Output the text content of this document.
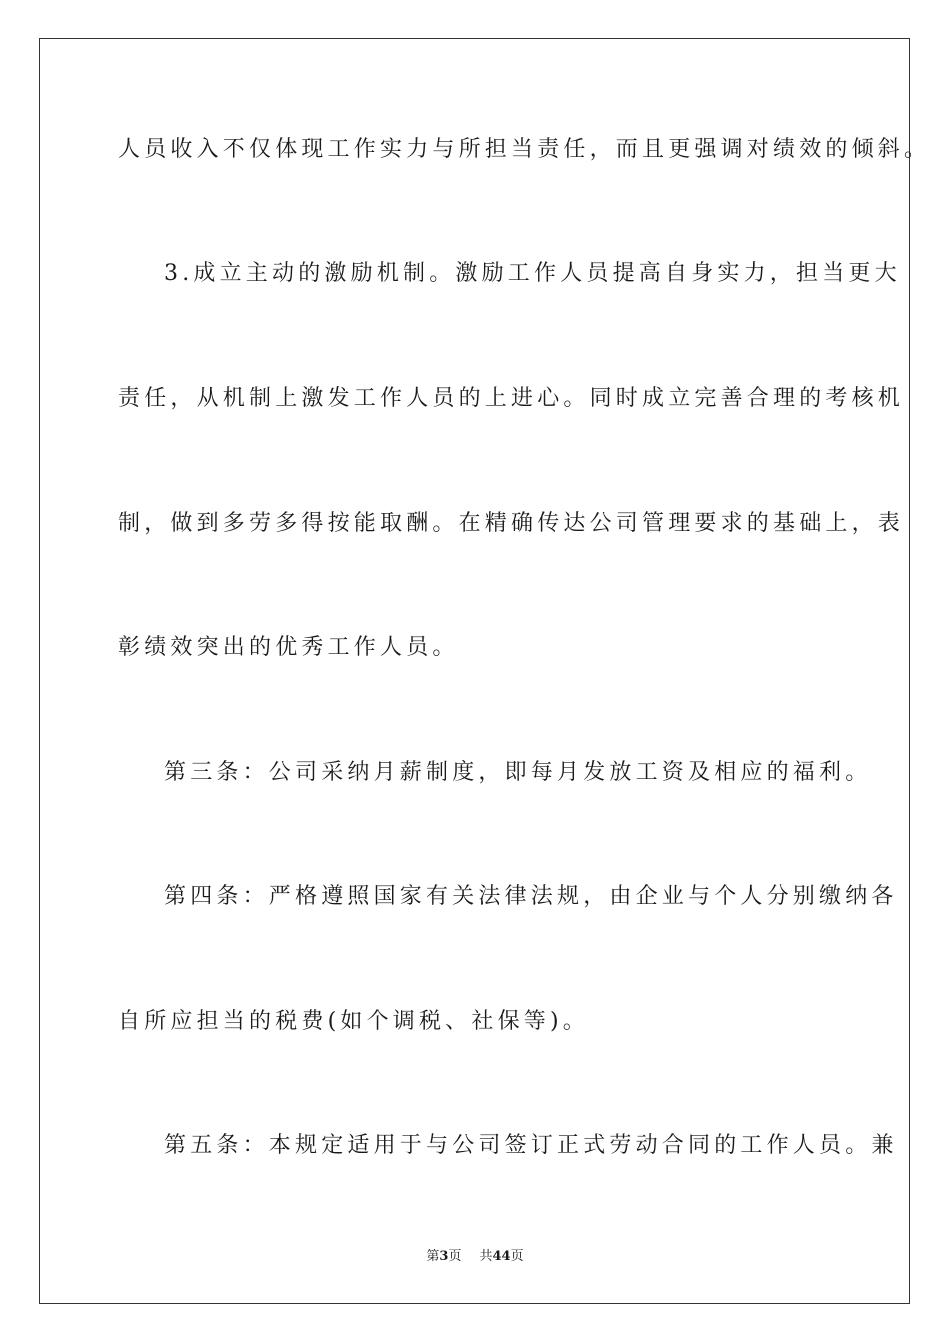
人员收入不仅体现工作实力与所担当责任，而且更强调对绩效的倾斜。
3.成立主动的激励机制。激励工作人员提高自身实力，担当更大
责任，从机制上激发工作人员的上进心。同时成立完善合理的考核机
制，做到多劳多得按能取酬。在精确传达公司管理要求的基础上，表
彰绩效突出的优秀工作人员。
第三条：公司采纳月薪制度，即每月发放工资及相应的福利。
第四条：严格遵照国家有关法律法规，由企业与个人分别缴纳各
自所应担当的税费(如个调税、社保等)。
第五条：本规定适用于与公司签订正式劳动合同的工作人员。兼
第3页 共44页
